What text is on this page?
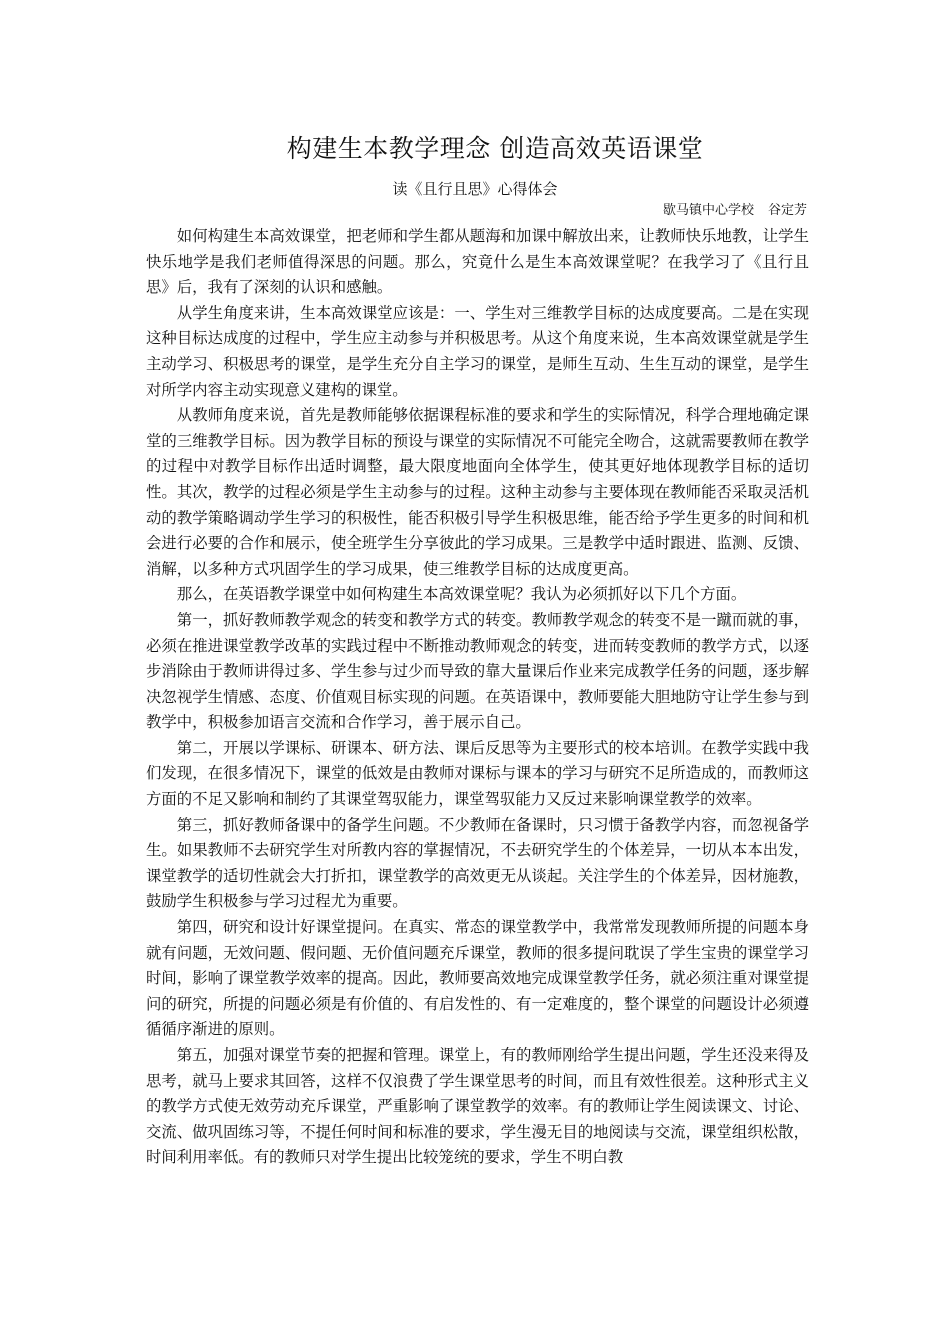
构建生本教学理念 创造高效英语课堂
读《且行且思》心得体会
歇马镇中心学校 谷定芳

如何构建生本高效课堂，把老师和学生都从题海和加课中解放出来，让教师快乐地教，让学生快乐地学是我们老师值得深思的问题。那么，究竟什么是生本高效课堂呢？在我学习了《且行且思》后，我有了深刻的认识和感触。

从学生角度来讲，生本高效课堂应该是：一、学生对三维教学目标的达成度要高。二是在实现这种目标达成度的过程中，学生应主动参与并积极思考。从这个角度来说，生本高效课堂就是学生主动学习、积极思考的课堂，是学生充分自主学习的课堂，是师生互动、生生互动的课堂，是学生对所学内容主动实现意义建构的课堂。

从教师角度来说，首先是教师能够依据课程标准的要求和学生的实际情况，科学合理地确定课堂的三维教学目标。因为教学目标的预设与课堂的实际情况不可能完全吻合，这就需要教师在教学的过程中对教学目标作出适时调整，最大限度地面向全体学生，使其更好地体现教学目标的适切性。其次，教学的过程必须是学生主动参与的过程。这种主动参与主要体现在教师能否采取灵活机动的教学策略调动学生学习的积极性，能否积极引导学生积极思维，能否给予学生更多的时间和机会进行必要的合作和展示，使全班学生分享彼此的学习成果。三是教学中适时跟进、监测、反馈、消解，以多种方式巩固学生的学习成果，使三维教学目标的达成度更高。

那么，在英语教学课堂中如何构建生本高效课堂呢？我认为必须抓好以下几个方面。

第一，抓好教师教学观念的转变和教学方式的转变。教师教学观念的转变不是一蹴而就的事，必须在推进课堂教学改革的实践过程中不断推动教师观念的转变，进而转变教师的教学方式，以逐步消除由于教师讲得过多、学生参与过少而导致的靠大量课后作业来完成教学任务的问题，逐步解决忽视学生情感、态度、价值观目标实现的问题。在英语课中，教师要能大胆地防守让学生参与到教学中，积极参加语言交流和合作学习，善于展示自己。

第二，开展以学课标、研课本、研方法、课后反思等为主要形式的校本培训。在教学实践中我们发现，在很多情况下，课堂的低效是由教师对课标与课本的学习与研究不足所造成的，而教师这方面的不足又影响和制约了其课堂驾驭能力，课堂驾驭能力又反过来影响课堂教学的效率。

第三，抓好教师备课中的备学生问题。不少教师在备课时，只习惯于备教学内容，而忽视备学生。如果教师不去研究学生对所教内容的掌握情况，不去研究学生的个体差异，一切从本本出发，课堂教学的适切性就会大打折扣，课堂教学的高效更无从谈起。关注学生的个体差异，因材施教，鼓励学生积极参与学习过程尤为重要。

第四，研究和设计好课堂提问。在真实、常态的课堂教学中，我常常发现教师所提的问题本身就有问题，无效问题、假问题、无价值问题充斥课堂，教师的很多提问耽误了学生宝贵的课堂学习时间，影响了课堂教学效率的提高。因此，教师要高效地完成课堂教学任务，就必须注重对课堂提问的研究，所提的问题必须是有价值的、有启发性的、有一定难度的，整个课堂的问题设计必须遵循循序渐进的原则。

第五，加强对课堂节奏的把握和管理。课堂上，有的教师刚给学生提出问题，学生还没来得及思考，就马上要求其回答，这样不仅浪费了学生课堂思考的时间，而且有效性很差。这种形式主义的教学方式使无效劳动充斥课堂，严重影响了课堂教学的效率。有的教师让学生阅读课文、讨论、交流、做巩固练习等，不提任何时间和标准的要求，学生漫无目的地阅读与交流，课堂组织松散，时间利用率低。有的教师只对学生提出比较笼统的要求，学生不明白教
